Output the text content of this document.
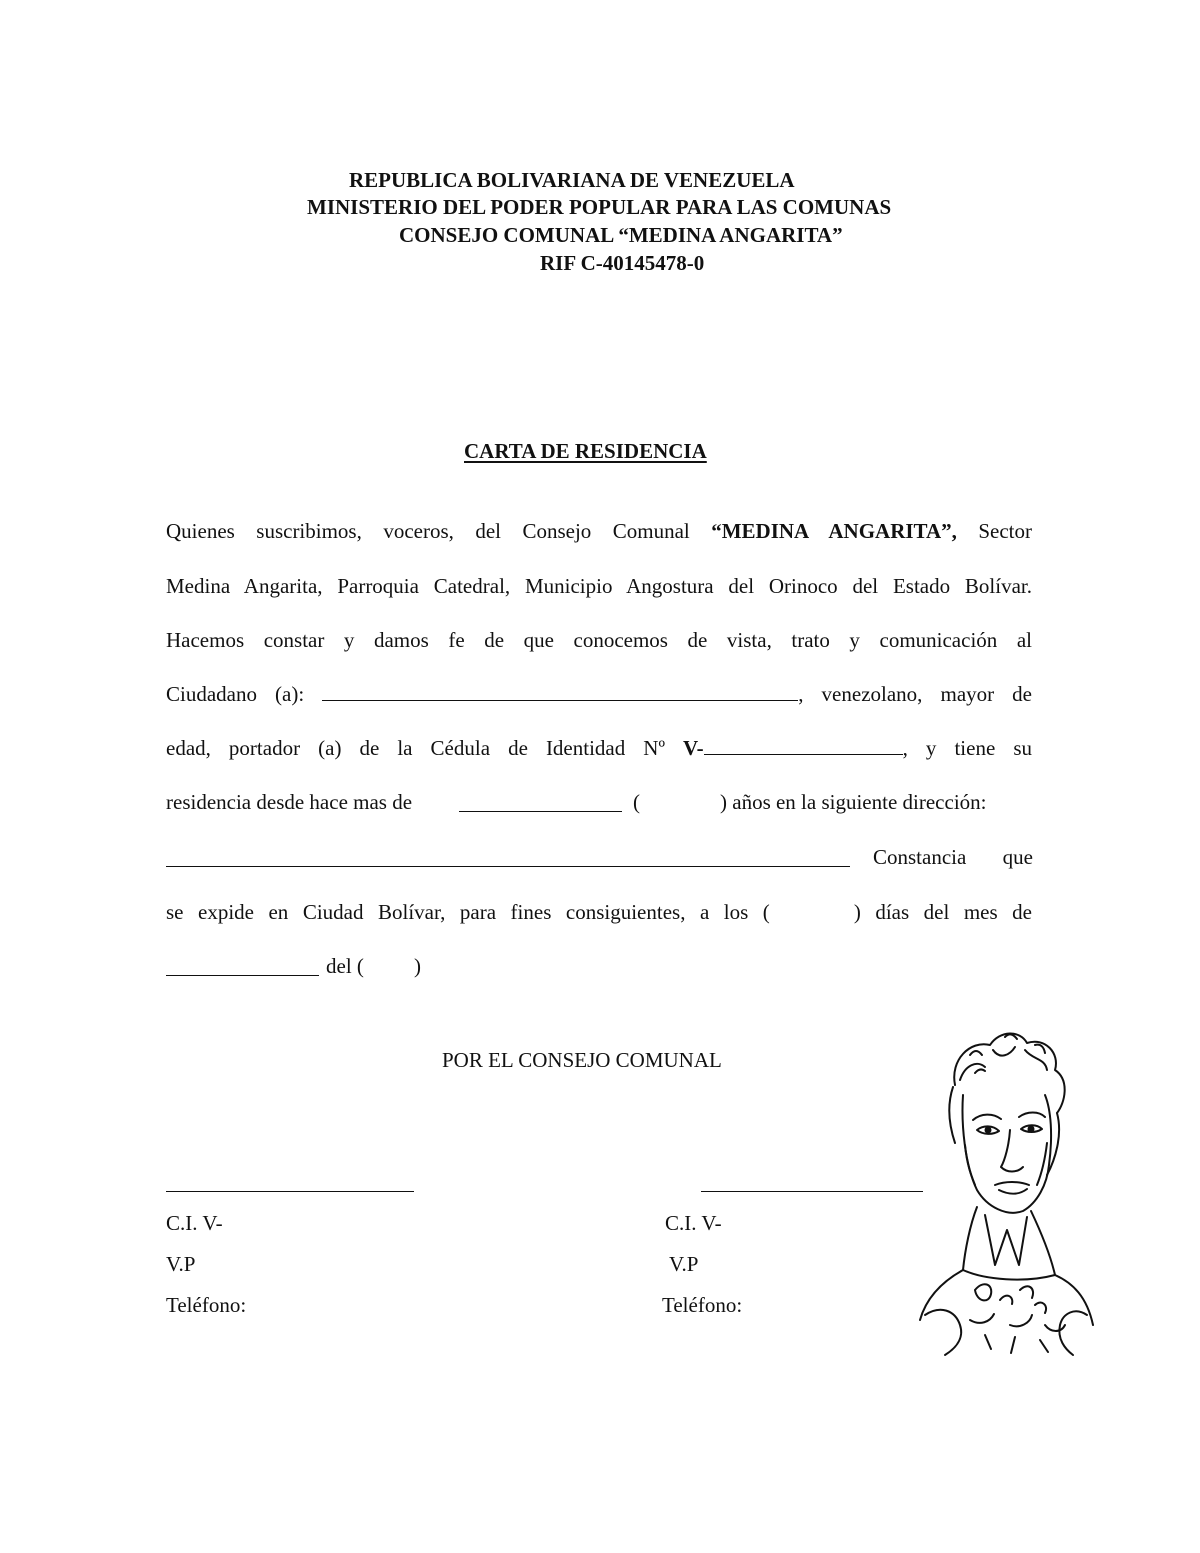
REPUBLICA BOLIVARIANA DE VENEZUELA
MINISTERIO DEL PODER POPULAR PARA LAS COMUNAS
CONSEJO COMUNAL “MEDINA ANGARITA”
RIF C-40145478-0
CARTA DE RESIDENCIA
Quienes suscribimos, voceros, del Consejo Comunal “MEDINA ANGARITA”, Sector
Medina Angarita, Parroquia Catedral, Municipio Angostura del Orinoco del Estado Bolívar.
Hacemos constar y damos fe de que conocemos de vista, trato y comunicación al
Ciudadano (a):	, venezolano, mayor de
edad, portador (a) de la Cédula de Identidad Nº V-	, y tiene su
residencia desde hace mas de	(	) años en la siguiente dirección:
Constancia que
se expide en Ciudad Bolívar, para fines consiguientes, a los (	) días del mes de
del ( )
POR EL CONSEJO COMUNAL
C.I. V-
V.P
Teléfono:
C.I. V-
V.P
Teléfono:
